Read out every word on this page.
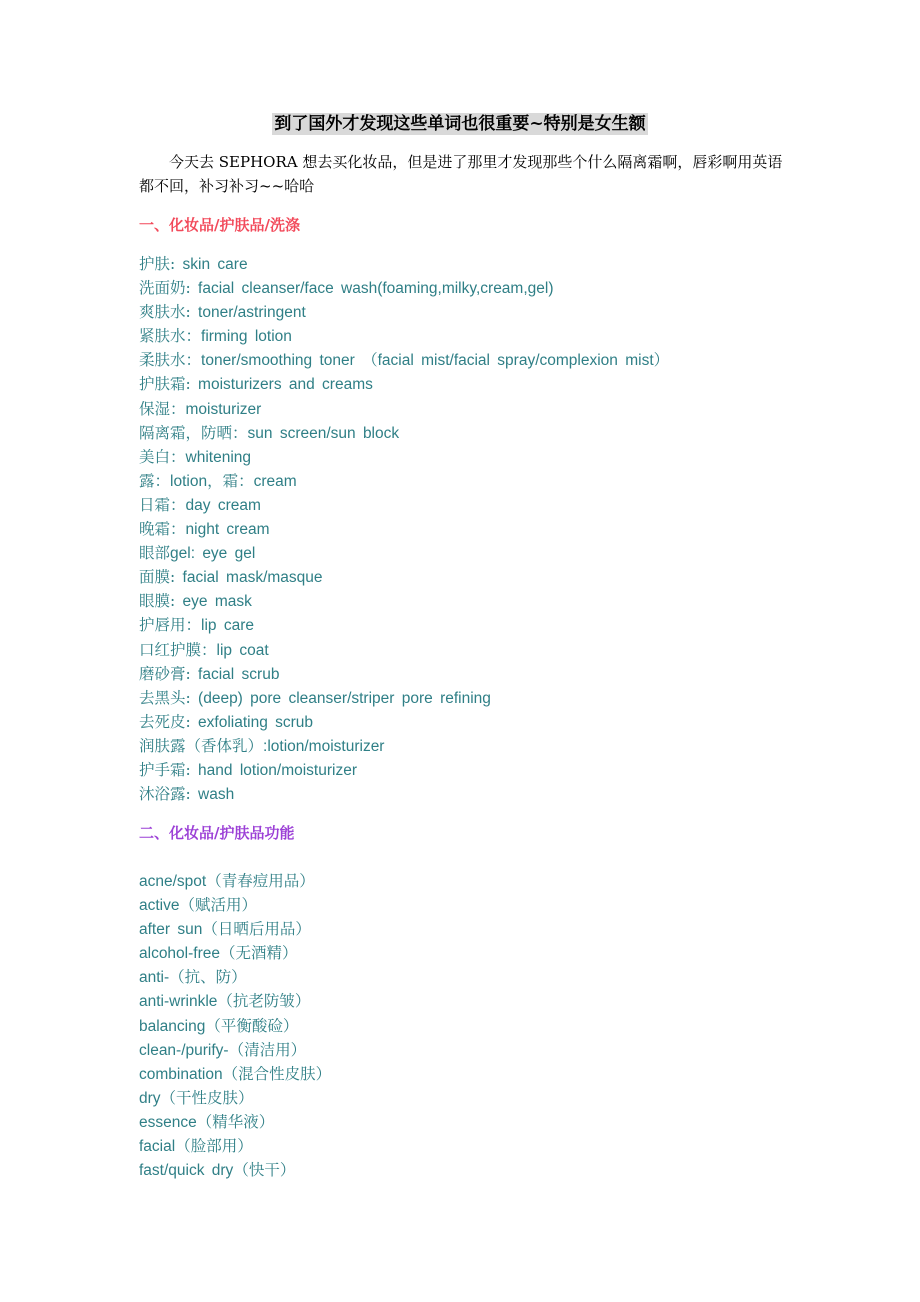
到了国外才发现这些单词也很重要~特别是女生额
今天去 SEPHORA 想去买化妆品，但是进了那里才发现那些个什么隔离霜啊，唇彩啊用英语都不回，补习补习~~哈哈
一、化妆品/护肤品/洗涤
护肤: skin care
洗面奶: facial cleanser/face wash(foaming,milky,cream,gel)
爽肤水: toner/astringent
紧肤水：firming lotion
柔肤水：toner/smoothing toner （facial mist/facial spray/complexion mist）
护肤霜: moisturizers and creams
保湿：moisturizer
隔离霜，防晒：sun screen/sun block
美白：whitening
露：lotion，霜：cream
日霜：day cream
晚霜：night cream
眼部gel: eye gel
面膜: facial mask/masque
眼膜: eye mask
护唇用：lip care
口红护膜：lip coat
磨砂膏: facial scrub
去黑头: (deep) pore cleanser/striper pore refining
去死皮: exfoliating scrub
润肤露（香体乳）:lotion/moisturizer
护手霜: hand lotion/moisturizer
沐浴露: wash
二、化妆品/护肤品功能
acne/spot（青春痘用品）
active（赋活用）
after sun（日晒后用品）
alcohol-free（无酒精）
anti-（抗、防）
anti-wrinkle（抗老防皱）
balancing（平衡酸硷）
clean-/purify-（清洁用）
combination（混合性皮肤）
dry（干性皮肤）
essence（精华液）
facial（脸部用）
fast/quick dry（快干）
